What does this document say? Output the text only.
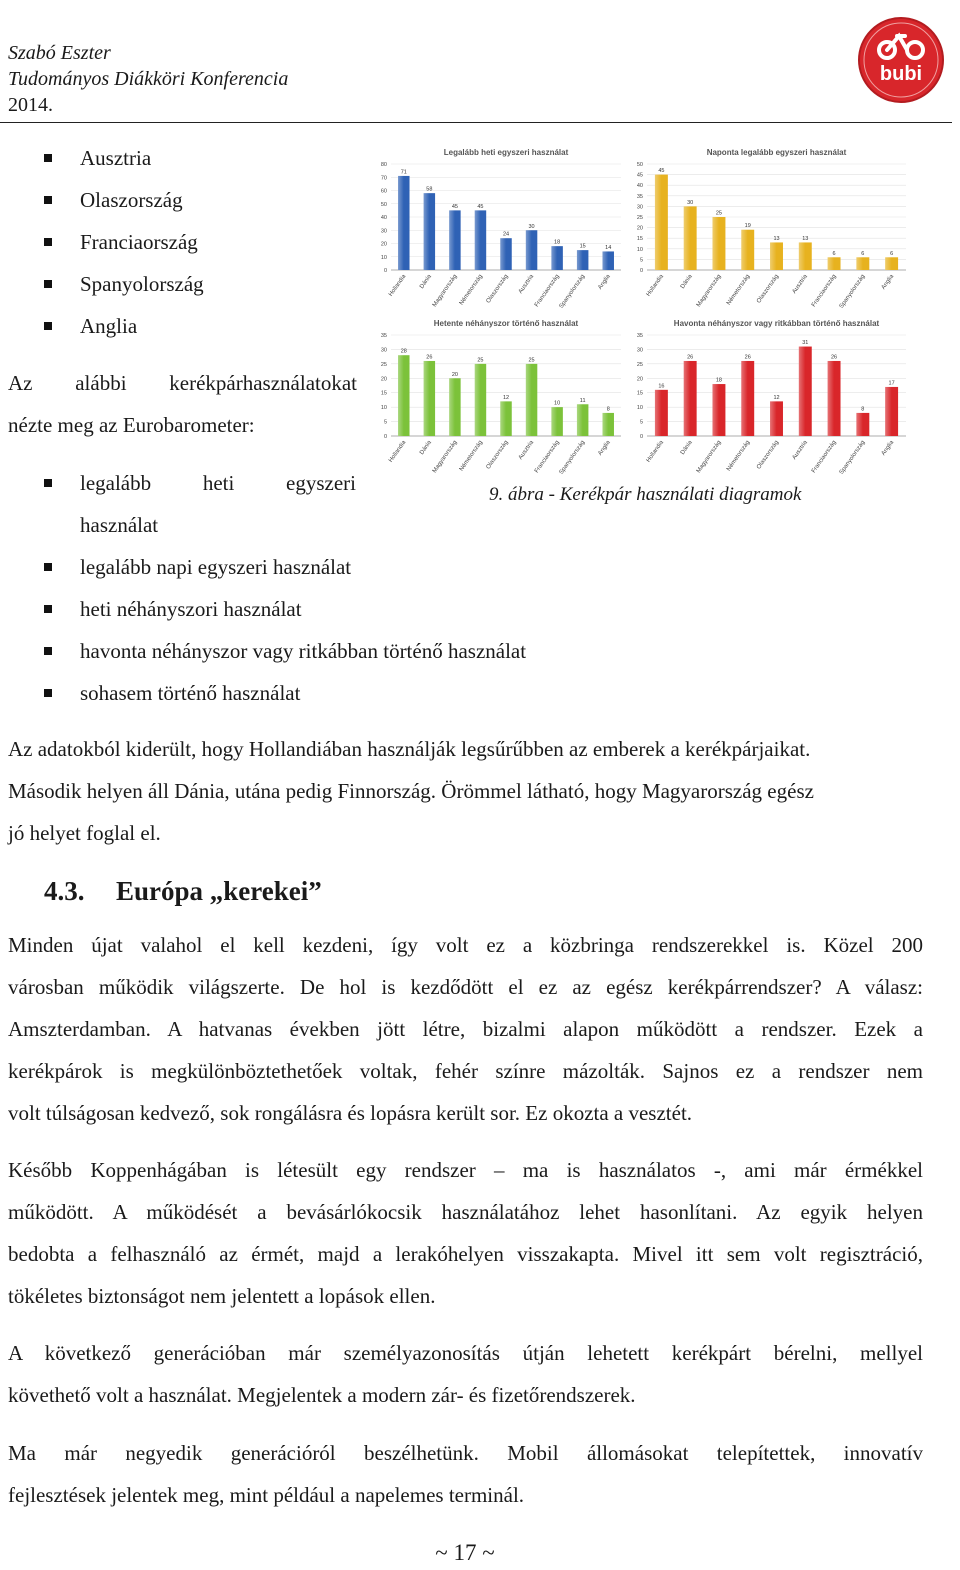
Szabó Eszter
Tudományos Diákköri Konferencia
2014.
bubi
Ausztria
Olaszország
Franciaország
Spanyolország
Anglia
Az alábbi kerékpárhasználatokat
nézte meg az Eurobarometer:
legalább heti egyszeri
használat
legalább napi egyszeri használat
heti néhányszori használat
havonta néhányszor vagy ritkábban történő használat
sohasem történő használat
Legalább heti egyszeri használat
0
10
20
30
40
50
60
70
80
71
Hollandia
58
Dánia
45
Magyarország
45
Németország
24
Olaszország
30
Ausztria
18
Franciaország
15
Spanyolország
14
Anglia
Naponta legalább egyszeri használat
0
5
10
15
20
25
30
35
40
45
50
45
Hollandia
30
Dánia
25
Magyarország
19
Németország
13
Olaszország
13
Ausztria
6
Franciaország
6
Spanyolország
6
Anglia
Hetente néhányszor történő használat
0
5
10
15
20
25
30
35
28
Hollandia
26
Dánia
20
Magyarország
25
Németország
12
Olaszország
25
Ausztria
10
Franciaország
11
Spanyolország
8
Anglia
Havonta néhányszor vagy ritkábban történő használat
0
5
10
15
20
25
30
35
16
Hollandia
26
Dánia
18
Magyarország
26
Németország
12
Olaszország
31
Ausztria
26
Franciaország
8
Spanyolország
17
Anglia
9. ábra - Kerékpár használati diagramok
Az adatokból kiderült, hogy Hollandiában használják legsűrűbben az emberek a kerékpárjaikat.
Második helyen áll Dánia, utána pedig Finnország. Örömmel látható, hogy Magyarország egész
jó helyet foglal el.
4.3. Európa „kerekei”
Minden újat valahol el kell kezdeni, így volt ez a közbringa rendszerekkel is. Közel 200
városban működik világszerte. De hol is kezdődött el ez az egész kerékpárrendszer? A válasz:
Amszterdamban. A hatvanas években jött létre, bizalmi alapon működött a rendszer. Ezek a
kerékpárok is megkülönböztethetőek voltak, fehér színre mázolták. Sajnos ez a rendszer nem
volt túlságosan kedvező, sok rongálásra és lopásra került sor. Ez okozta a vesztét.
Később Koppenhágában is létesült egy rendszer – ma is használatos -, ami már érmékkel
működött. A működését a bevásárlókocsik használatához lehet hasonlítani. Az egyik helyen
bedobta a felhasználó az érmét, majd a lerakóhelyen visszakapta. Mivel itt sem volt regisztráció,
tökéletes biztonságot nem jelentett a lopások ellen.
A következő generációban már személyazonosítás útján lehetett kerékpárt bérelni, mellyel
követhető volt a használat. Megjelentek a modern zár- és fizetőrendszerek.
Ma már negyedik generációról beszélhetünk. Mobil állomásokat telepítettek, innovatív
fejlesztések jelentek meg, mint például a napelemes terminál.
~ 17 ~
